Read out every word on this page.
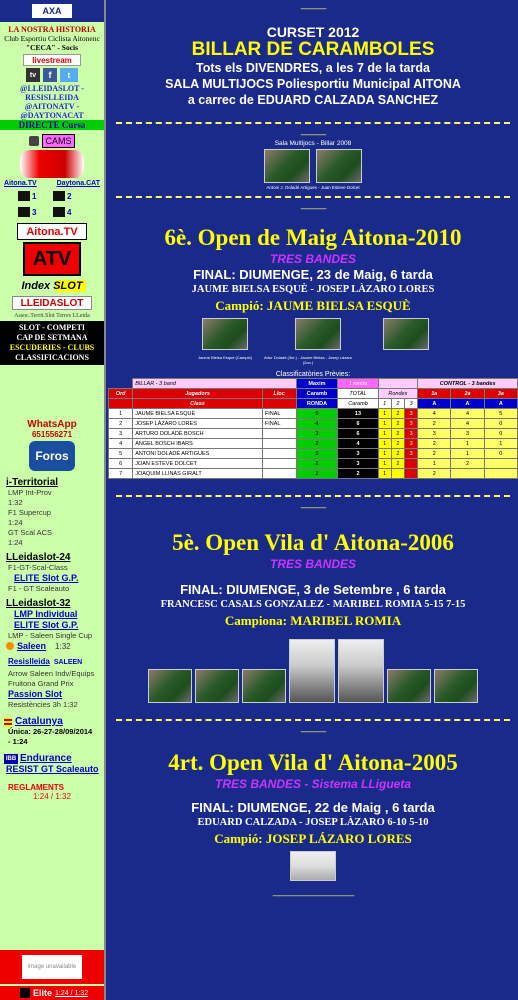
AXA
LA NOSTRA HISTORIA
Club Esportiu Ciclista Aitonenc
"CECA" - Socis
livestream
tv	f	t
@LLEIDASLOT - RESISLLEIDA
@AITONATV - @DAYTONACAT
DIRECTE Cursa
CAMS
Aitona.TV	Daytona.CAT
1	2
3	4
Aitona.TV
ATV
Index SLOT
LLEIDASLOT
Assoc.Territ.Slot Terres LLeida
SLOT - COMPETI
CAP DE SETMANA
ESCUDERIES - CLUBS
CLASSIFICACIONS
WhatsApp
651556271
Foros
i-Territorial
LMP Int-Prov
1:32
F1 Supercup
1:24
GT Scal ACS
1:24
LLeidaslot-24
F1-GT-Scal-Class
ELITE Slot G.P.
F1 - GT Scaleauto
LLeidaslot-32
LMP Individual
ELITE Slot G.P.
LMP - Saleen Single Cup
Saleen 1:32
Resislleida SALEEN
Arrow Saleen Indv/Equips
Fruitona Grand Prix
Passion Slot
Resistències 3h 1:32
Catalunya
Única: 26-27-28/09/2014
- 1:24
IBB Endurance
RESIST GT Scaleauto
REGLAMENTS
1:24 / 1:32
image unavailable
Elite 1:24 / 1:32
-------------------
CURSET 2012
BILLAR DE CARAMBOLES
Tots els DIVENDRES, a les 7 de la tarda
SALA MULTIJOCS Poliesportiu Municipal AITONA
a carrec de EDUARD CALZADA SANCHEZ
-------------------
Sala Multijocs - Billar 2008
Antoni J. Doladé Artigues - Juan Esteve Dolcet
-------------------
6è. Open de Maig Aitona-2010
TRES BANDES
FINAL: DIUMENGE, 23 de Maig, 6 tarda
JAUME BIELSA ESQUÈ - JOSEP LÀZARO LORES
Campió: JAUME BIELSA ESQUÈ
Jaume Bielsa Esquè (Campió)	Artur Doladé (3er.) - Jaume Bielsa - Josep Lázaro (2on.)
Classificatòries Prèvies:
	BILLAR - 3 band		Maxim	1 ronda				CONTROL - 3 bandes		
Ord	Jugadors	Lloc	Caramb	TOTAL	Rondes			1a	2a	3a
	Class		RONDA	Caramb	1	2	3	A	A	A
1	JAUME BIELSA ESQUÈ	FINAL	5	13	1	2	3	4	4	5
2	JOSEP LÀZARO LORES	FINAL	4	6	1	2	3	2	4	0
3	ARTURO DOLADÉ BOSCH		3	6	1	2	3	3	3	0
4	ANGEL BOSCH IBARS		2	4	1	2	3	2	1	1
5	ANTONI DOLADÉ ARTIGUES		2	3	1	2	3	2	1	0
6	JOAN ESTEVE DOLCET		2	3	1	2		1	2	
7	JOAQUIM LLINÀS GIRALT		2	2	1			2		
-------------------
5è. Open Vila d' Aitona-2006
TRES BANDES
FINAL: DIUMENGE, 3 de Setembre , 6 tarda
FRANCESC CASALS GONZALEZ - MARIBEL ROMIA 5-15 7-15
Campiona: MARIBEL ROMIA
-------------------
4rt. Open Vila d' Aitona-2005
TRES BANDES - Sistema LLigueta
FINAL: DIUMENGE, 22 de Maig , 6 tarda
EDUARD CALZADA - JOSEP LÀZARO 6-10 5-10
Campió: JOSEP LÁZARO LORES
-------------------------------------------------------------
